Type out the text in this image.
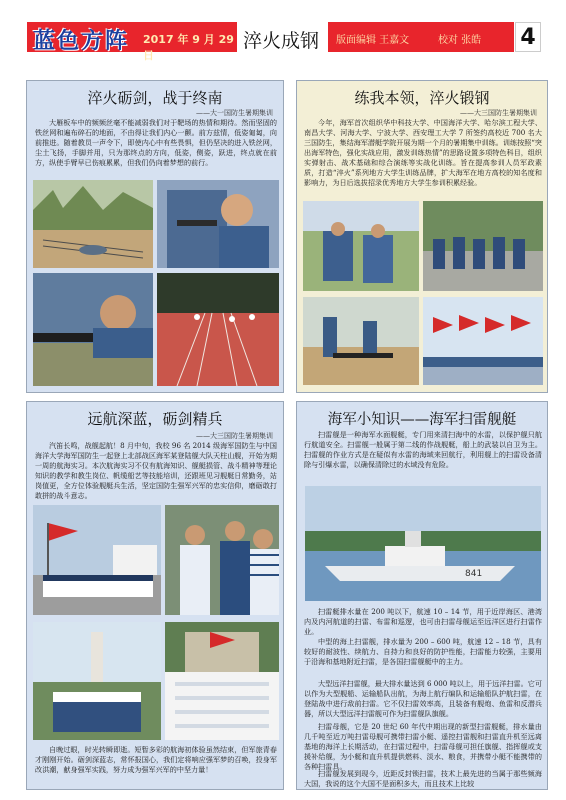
蓝色方阵 2017 年 9 月 29 日
淬火成钢 版面编辑 王嘉文	校对 张皓 4
淬火砺剑，战于终南
——大一国防生暑期集训
大雁板车中的频频丝毫不能减弱我们对于靶场的热情和期待。然而坚固的铁丝网和遍布碎石的地面，不由得让我们内心一颤。前方兹情，低姿匍匐，向前推进。随着教员一声令下，即使内心中有些畏惧，但仍坚决的进入铁丝网，尘土飞扬，手脚并用，只为那终点的方向，低姿，侧姿，跃进，终点就在前方，纵使手臂早已伤痕累累，但我们仍向着梦想的前行。
练我本领，淬火锻钢
——大三国防生暑期集训
今年，海军首次组织华中科技大学、中国海洋大学、哈尔滨工程大学、南昌大学、河海大学、宁波大学、西安理工大学 7 所签约高校近 700 名大三国防生，集结海军潜艇学院开展为期一个月的暑期集中训练。训练按照“突出海军特色，强化实战应用，激发训练热情”的思路设置多项特色科目，组织实弹射击、战术基础和综合演练等实战化训练。旨在提高参训人员军政素质，打造“淬火”系列地方大学生训练品牌，扩大海军在地方高校的知名度和影响力，为日后选拔招录优秀地方大学生参训积累经验。
远航深蓝，砺剑精兵
——大三国防生暑期集训
汽笛长鸣，战舰起航！8 月中旬，我校 96 名 2014 级海军国防生与中国海洋大学海军国防生一起登上北部战区海军某登陆舰大队天柱山舰，开始为期一周的航海实习。本次航海实习不仅有航海知识、舰艇损管、战斗精神等理论知识的教学和教生岗位、帆缆船艺等技能培训，还跟班见习舰艇日常勤务，站岗值更，全方位体验舰艇兵生活，坚定国防生强军兴军的忠实信仰，磨砺敢打敢拼的战斗意志。
自晚过眼，时光转瞬即逝。短暂多彩的航海初体验虽然结束，但军旅青春才刚刚开始。砺剑深蓝志，常怀报国心，我们定将响应强军梦的召唤，投身军改洪潮，献身强军实践，努力成为强军兴军的中坚力量！
海军小知识——海军扫雷舰艇
扫雷舰是一种海军水面舰艇，专门用来清扫海中的水雷，以保护舰只航行航道安全。扫雷舰一般属于第二线的作战舰艇，船上的武装以自卫为主。扫雷舰的作业方式是在疑似有水雷的海域来回航行，利用舰上的扫雷设备清除与引爆水雷，以确保清除过的水域没有危险。
841
扫雷艇排水量在 200 吨以下，航速 10 – 14 节，用于近岸海区、港湾内及内河航道的扫雷、布雷和巡逻，也可由扫雷母舰运至远洋区进行扫雷作业。
中型的海上扫雷舰，排水量为 200 – 600 吨，航速 12 – 18 节，具有较好的耐波性、续航力、自持力和良好的防护性能，扫雷能力较强，主要用于沿海和基地附近扫雷，是各国扫雷舰艇中的主力。
大型远洋扫雷舰，最大排水量达到 6 000 吨以上，用于远洋扫雷。它可以作为大型舰船、运输船队出航，为海上航行编队和运输船队护航扫雷，在登陆战中进行敌前扫雷。它不仅扫雷效率高，且装备有舰炮、鱼雷和反潜兵器，所以大型远洋扫雷舰可作为扫雷舰队旗舰。
扫雷母舰，它是 20 世纪 60 年代中期出现的新型扫雷舰艇，排水量由几千吨至近万吨扫雷母舰可携带扫雷小艇、遥控扫雷舰和扫雷直升机至远离基地的海洋上长期活动，在扫雷过程中，扫雷母舰可担任旗舰、指挥舰或支援补给舰，为小艇和直升机提供燃料、淡水、粮食，并携带小艇不能携带的各种扫雷具。
扫雷舰发展到现今，近距反封锁扫雷，技术上最先进的当属于那些频海大国，我说的这个大国不是面积多大，而且技术上比较
